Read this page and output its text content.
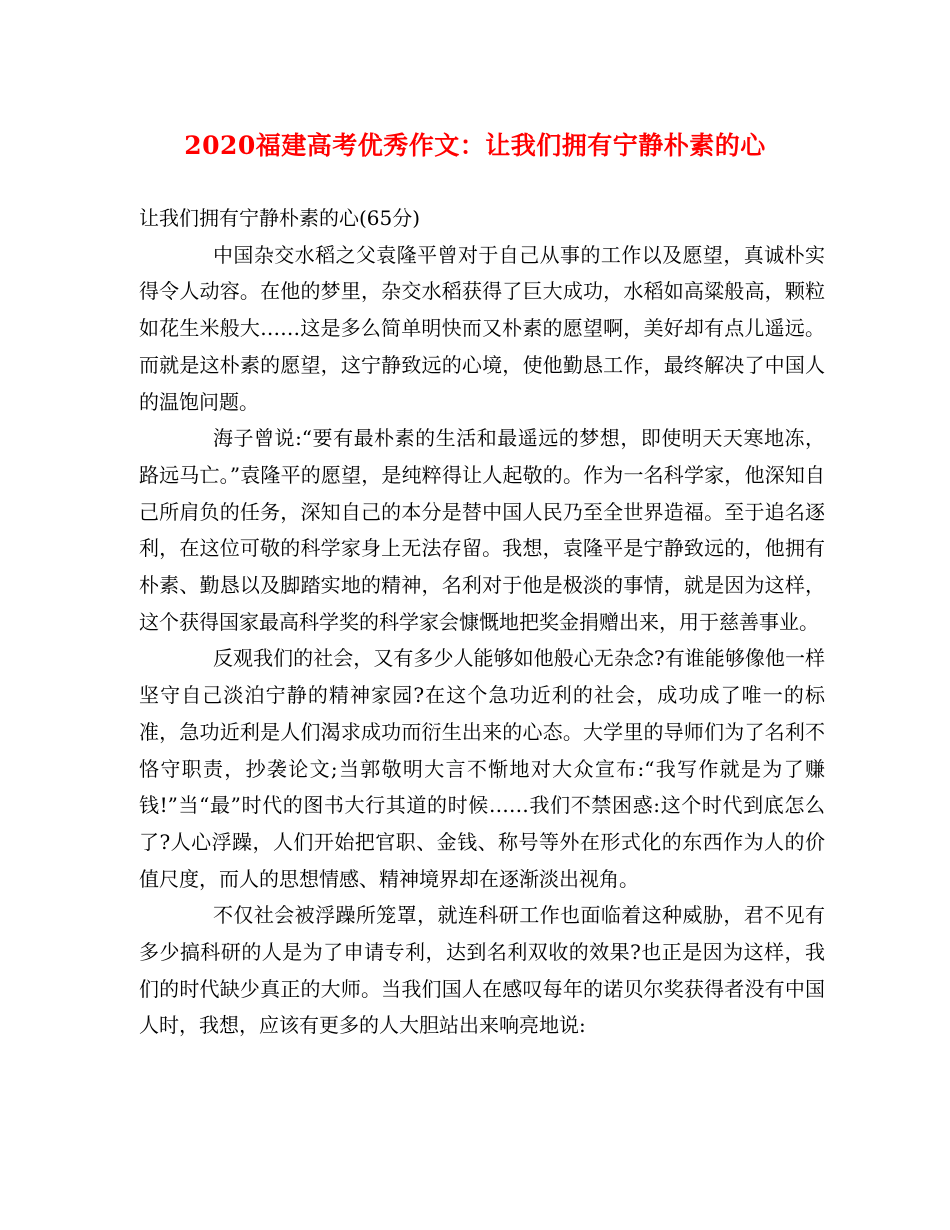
2020福建高考优秀作文：让我们拥有宁静朴素的心

让我们拥有宁静朴素的心(65分)

中国杂交水稻之父袁隆平曾对于自己从事的工作以及愿望，真诚朴实得令人动容。在他的梦里，杂交水稻获得了巨大成功，水稻如高粱般高，颗粒如花生米般大……这是多么简单明快而又朴素的愿望啊，美好却有点儿遥远。而就是这朴素的愿望，这宁静致远的心境，使他勤恳工作，最终解决了中国人的温饱问题。

海子曾说:“要有最朴素的生活和最遥远的梦想，即使明天天寒地冻，路远马亡。”袁隆平的愿望，是纯粹得让人起敬的。作为一名科学家，他深知自己所肩负的任务，深知自己的本分是替中国人民乃至全世界造福。至于追名逐利，在这位可敬的科学家身上无法存留。我想，袁隆平是宁静致远的，他拥有朴素、勤恳以及脚踏实地的精神，名利对于他是极淡的事情，就是因为这样，这个获得国家最高科学奖的科学家会慷慨地把奖金捐赠出来，用于慈善事业。

反观我们的社会，又有多少人能够如他般心无杂念?有谁能够像他一样坚守自己淡泊宁静的精神家园?在这个急功近利的社会，成功成了唯一的标准，急功近利是人们渴求成功而衍生出来的心态。大学里的导师们为了名利不恪守职责，抄袭论文;当郭敬明大言不惭地对大众宣布:“我写作就是为了赚钱!”当“最”时代的图书大行其道的时候……我们不禁困惑:这个时代到底怎么了?人心浮躁，人们开始把官职、金钱、称号等外在形式化的东西作为人的价值尺度，而人的思想情感、精神境界却在逐渐淡出视角。

不仅社会被浮躁所笼罩，就连科研工作也面临着这种威胁，君不见有多少搞科研的人是为了申请专利，达到名利双收的效果?也正是因为这样，我们的时代缺少真正的大师。当我们国人在感叹每年的诺贝尔奖获得者没有中国人时，我想，应该有更多的人大胆站出来响亮地说:
